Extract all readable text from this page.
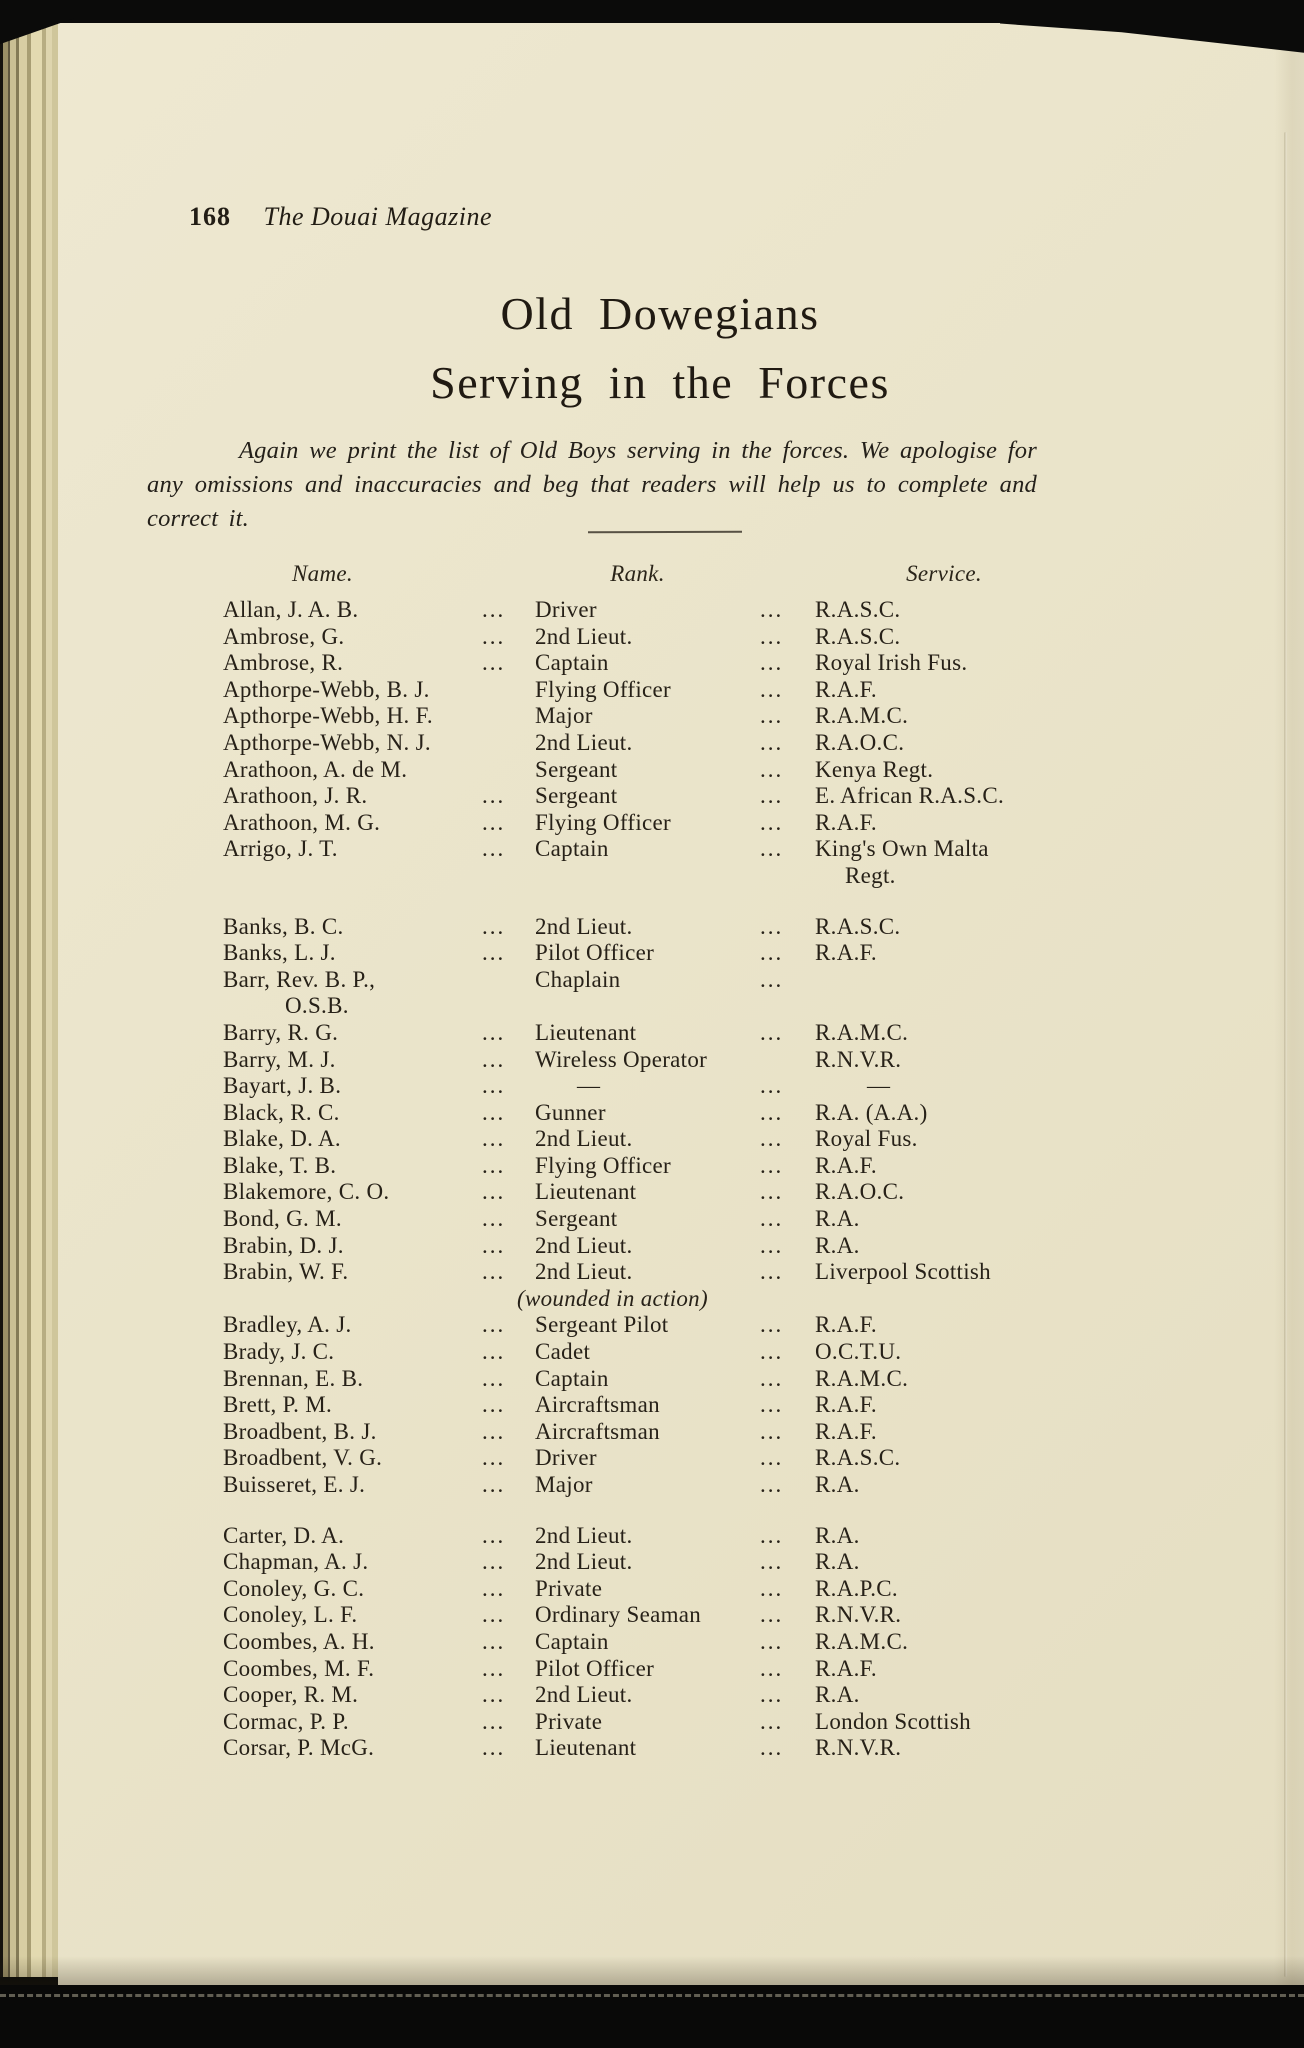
168 The Douai Magazine
Old Dowegians
Serving in the Forces
Again we print the list of Old Boys serving in the forces. We apologise for any omissions and inaccuracies and beg that readers will help us to complete and correct it.
Name.	Rank.	Service.
Allan, J. A. B.	...	Driver	...	R.A.S.C.
Ambrose, G.	...	2nd Lieut.	...	R.A.S.C.
Ambrose, R.	...	Captain	...	Royal Irish Fus.
Apthorpe-Webb, B. J.	Flying Officer	...	R.A.F.
Apthorpe-Webb, H. F.	Major	...	R.A.M.C.
Apthorpe-Webb, N. J.	2nd Lieut.	...	R.A.O.C.
Arathoon, A. de M.	Sergeant	...	Kenya Regt.
Arathoon, J. R.	...	Sergeant	...	E. African R.A.S.C.
Arathoon, M. G.	...	Flying Officer	...	R.A.F.
Arrigo, J. T.	...	Captain	...	King's Own Malta
Regt.
Banks, B. C.	...	2nd Lieut.	...	R.A.S.C.
Banks, L. J.	...	Pilot Officer	...	R.A.F.
Barr, Rev. B. P.,	Chaplain	...
O.S.B.
Barry, R. G.	...	Lieutenant	...	R.A.M.C.
Barry, M. J.	...	Wireless Operator	R.N.V.R.
Bayart, J. B.	...	—	...	—
Black, R. C.	...	Gunner	...	R.A. (A.A.)
Blake, D. A.	...	2nd Lieut.	...	Royal Fus.
Blake, T. B.	...	Flying Officer	...	R.A.F.
Blakemore, C. O.	...	Lieutenant	...	R.A.O.C.
Bond, G. M.	...	Sergeant	...	R.A.
Brabin, D. J.	...	2nd Lieut.	...	R.A.
Brabin, W. F.	...	2nd Lieut.	...	Liverpool Scottish
(wounded in action)
Bradley, A. J.	...	Sergeant Pilot	...	R.A.F.
Brady, J. C.	...	Cadet	...	O.C.T.U.
Brennan, E. B.	...	Captain	...	R.A.M.C.
Brett, P. M.	...	Aircraftsman	...	R.A.F.
Broadbent, B. J.	...	Aircraftsman	...	R.A.F.
Broadbent, V. G.	...	Driver	...	R.A.S.C.
Buisseret, E. J.	...	Major	...	R.A.
Carter, D. A.	...	2nd Lieut.	...	R.A.
Chapman, A. J.	...	2nd Lieut.	...	R.A.
Conoley, G. C.	...	Private	...	R.A.P.C.
Conoley, L. F.	...	Ordinary Seaman	...	R.N.V.R.
Coombes, A. H.	...	Captain	...	R.A.M.C.
Coombes, M. F.	...	Pilot Officer	...	R.A.F.
Cooper, R. M.	...	2nd Lieut.	...	R.A.
Cormac, P. P.	...	Private	...	London Scottish
Corsar, P. McG.	...	Lieutenant	...	R.N.V.R.
